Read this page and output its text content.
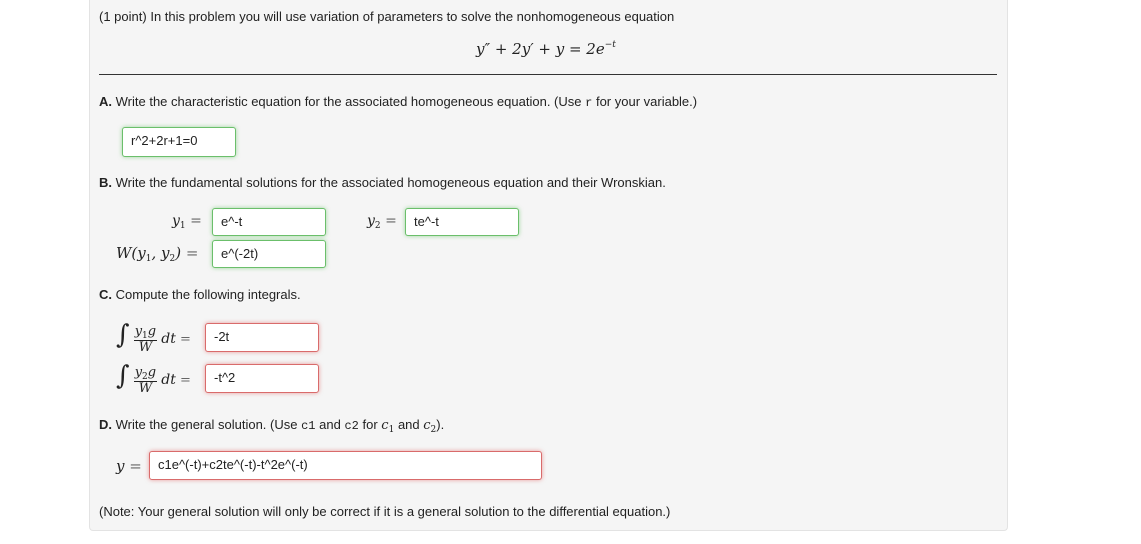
(1 point) In this problem you will use variation of parameters to solve the nonhomogeneous equation
$y'' + 2y' + y = 2e^{-t}$
A. Write the characteristic equation for the associated homogeneous equation. (Use r for your variable.)
r^2+2r+1=0
B. Write the fundamental solutions for the associated homogeneous equation and their Wronskian.
$y_1$ =	e^-t	$y_2$ =	te^-t
$W(y_1$, $y_2$) =	e^(-2t)
C. Compute the following integrals.
∫ $\frac{y_1g}{W}$ dt =	-2t
∫ $\frac{y_2g}{W}$ dt =	-t^2
D. Write the general solution. (Use c1 and c2 for $c_1$ and $c_2$).
y =	c1e^(-t)+c2te^(-t)-t^2e^(-t)
(Note: Your general solution will only be correct if it is a general solution to the differential equation.)
